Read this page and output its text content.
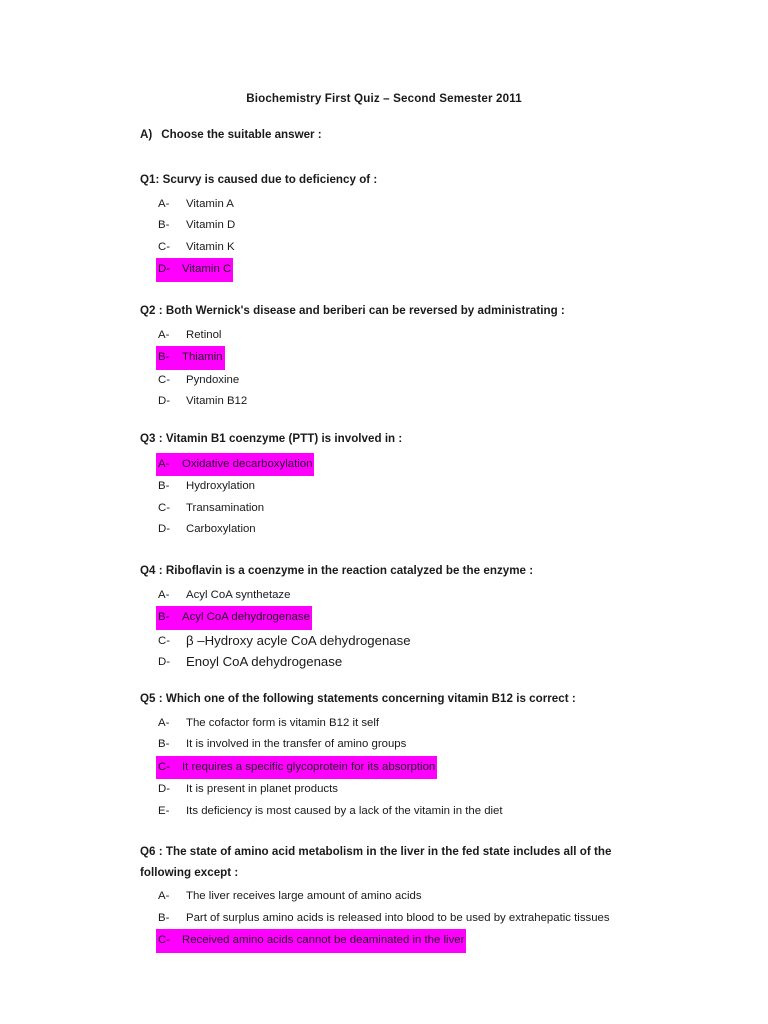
Biochemistry First Quiz – Second Semester 2011
A) Choose the suitable answer :

Q1: Scurvy is caused due to deficiency of :

A- Vitamin A
B- Vitamin D
C- Vitamin K
D- Vitamin C

Q2 : Both Wernick's disease and beriberi can be reversed by administrating :

A- Retinol
B- Thiamin
C- Pyndoxine
D- Vitamin B12

Q3 : Vitamin B1 coenzyme (PTT) is involved in :

A- Oxidative decarboxylation
B- Hydroxylation
C- Transamination
D- Carboxylation

Q4 : Riboflavin is a coenzyme in the reaction catalyzed be the enzyme :

A- Acyl CoA synthetaze
B- Acyl CoA dehydrogenase
C- β –Hydroxy acyle CoA dehydrogenase
D- Enoyl CoA dehydrogenase

Q5 : Which one of the following statements concerning vitamin B12 is correct :

A- The cofactor form is vitamin B12 it self
B- It is involved in the transfer of amino groups
C- It requires a specific glycoprotein for its absorption
D- It is present in planet products
E- Its deficiency is most caused by a lack of the vitamin in the diet

Q6 : The state of amino acid metabolism in the liver in the fed state includes all of the following except :

A- The liver receives large amount of amino acids
B- Part of surplus amino acids is released into blood to be used by extrahepatic tissues
C- Received amino acids cannot be deaminated in the liver
